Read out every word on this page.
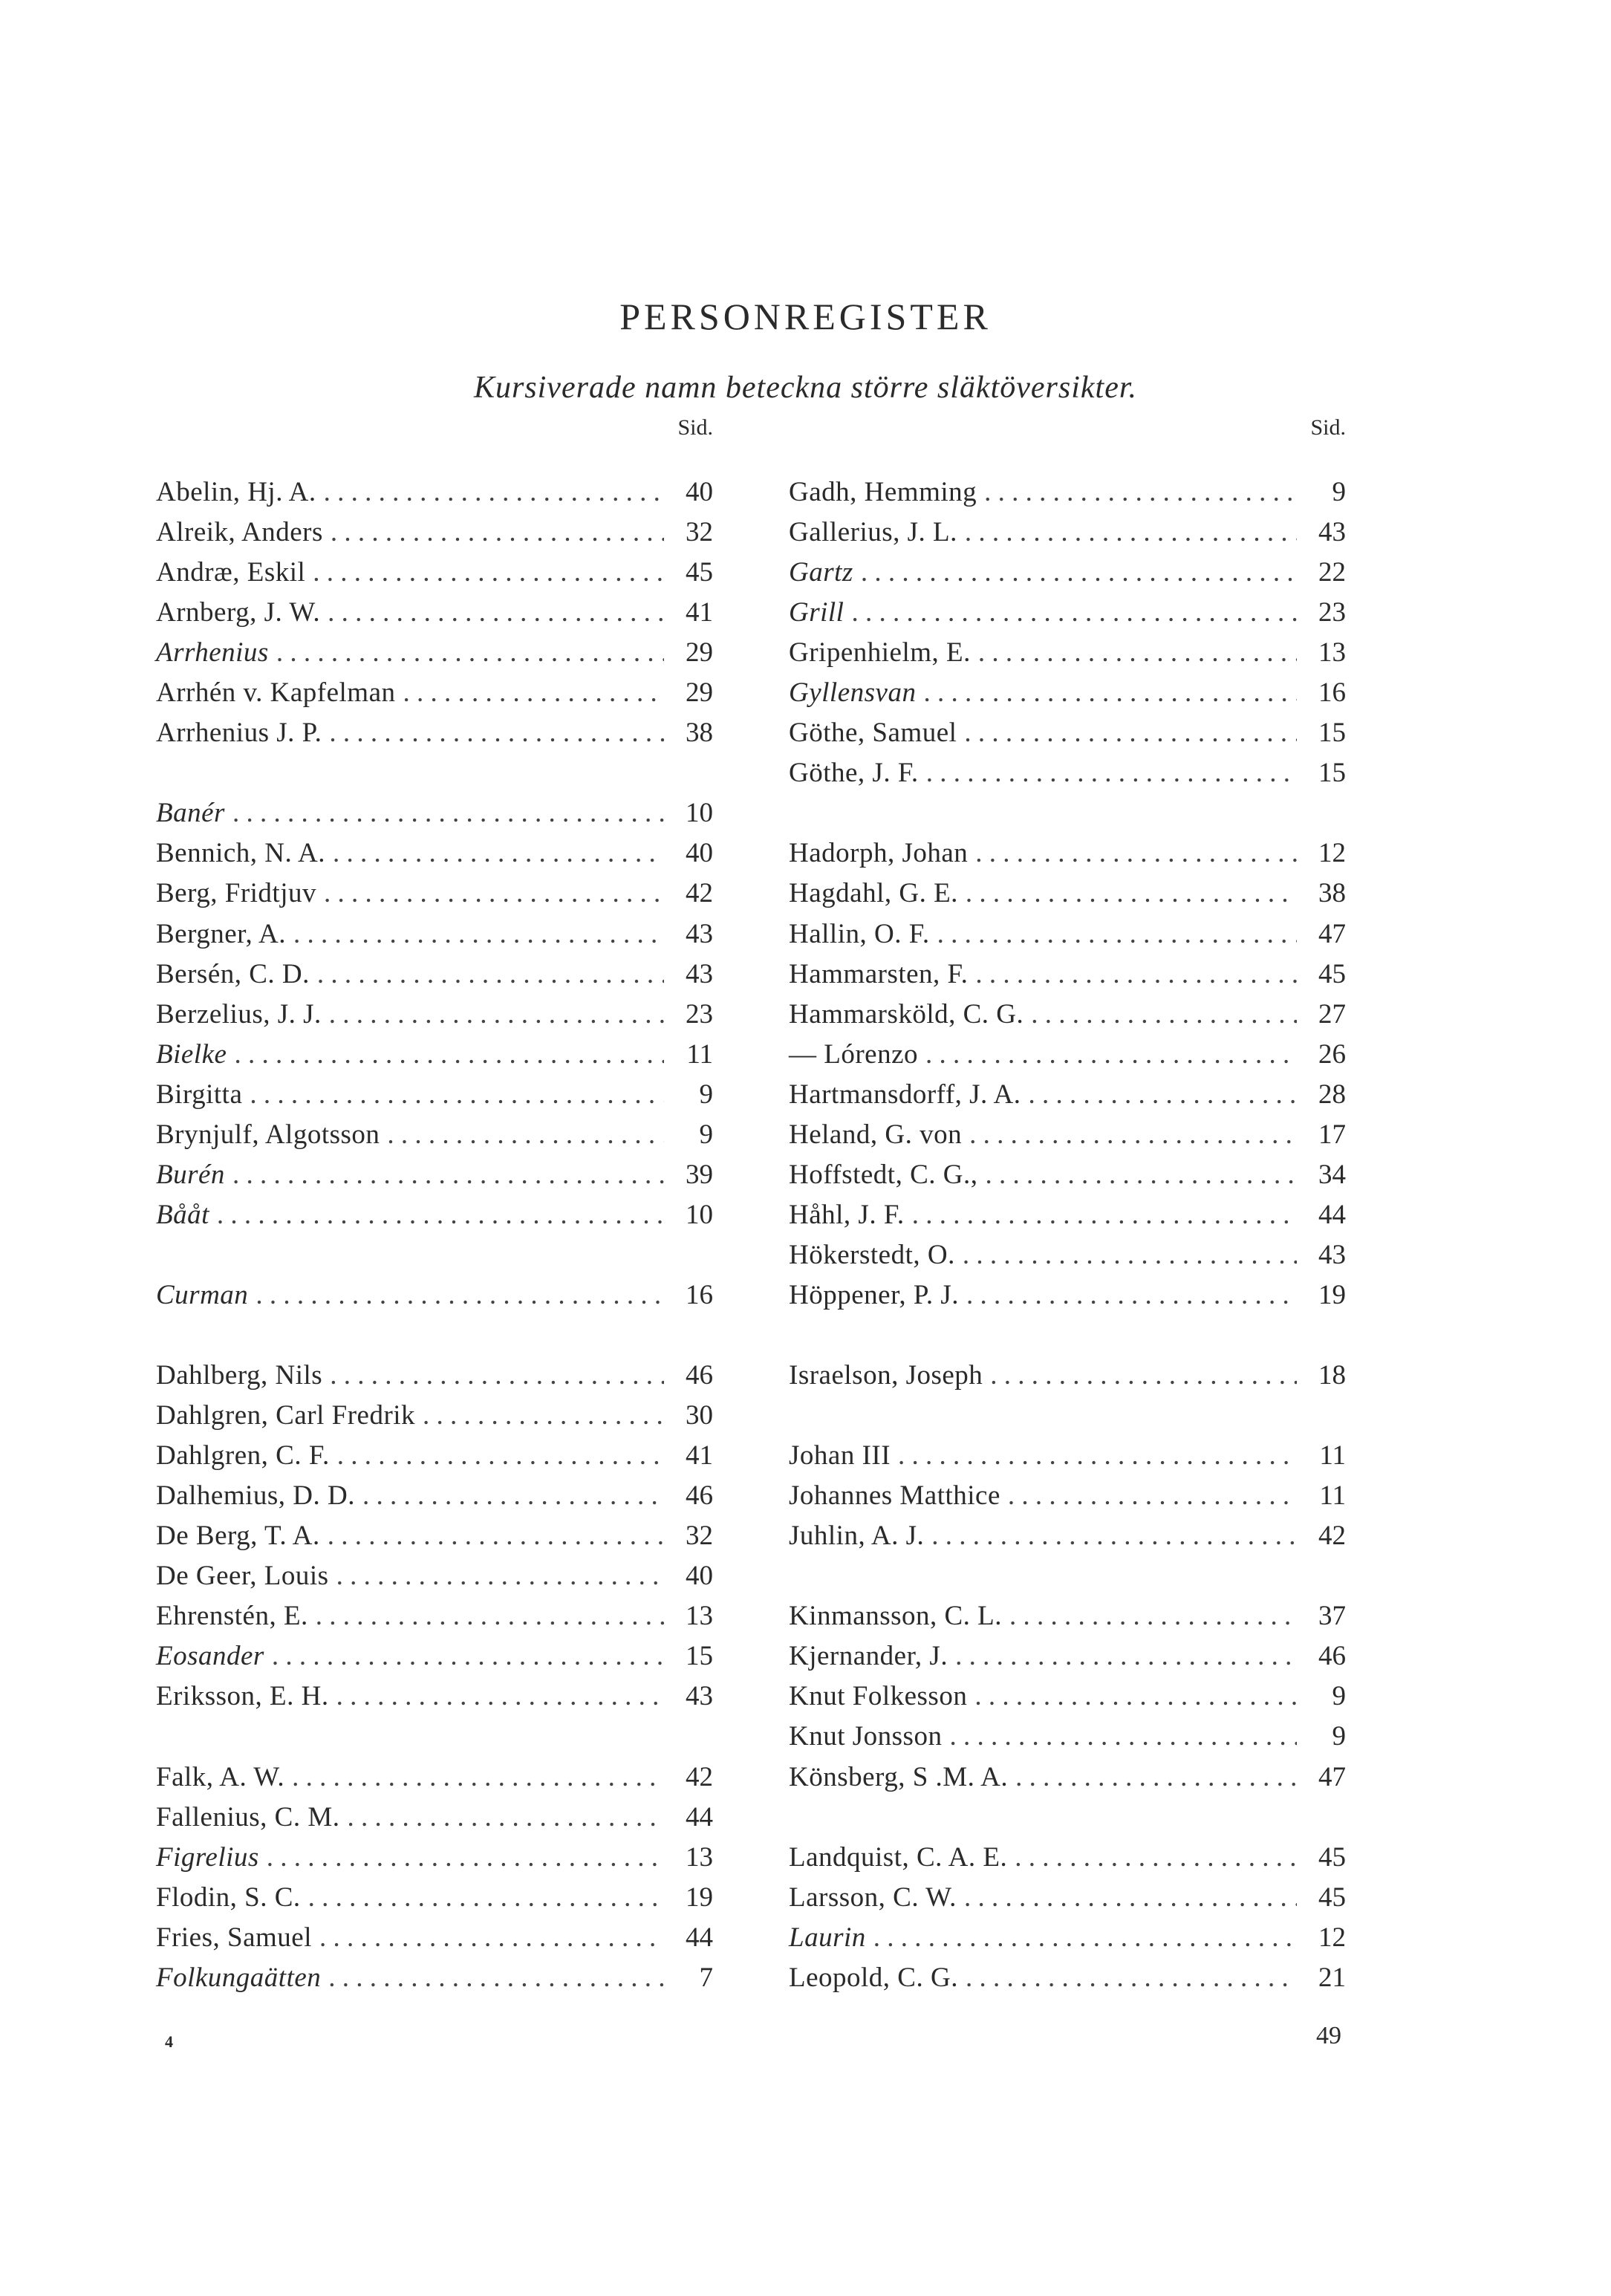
PERSONREGISTER
Kursiverade namn beteckna större släktöversikter.
Sid.
Abelin, Hj. A. . . .	40
Alreik, Anders . . .	32
Andræ, Eskil . . .	45
Arnberg, J. W. . . .	41
Arrhenius . . .	29
Arrhén v. Kapfelman . . .	29
Arrhenius J. P. . . .	38
Banér . . .	10
Bennich, N. A. . . .	40
Berg, Fridtjuv . . .	42
Bergner, A. . . .	43
Bersén, C. D. . . .	43
Berzelius, J. J. . . .	23
Bielke . . .	11
Birgitta . . .	9
Brynjulf, Algotsson . . .	9
Burén . . .	39
Bååt . . .	10
Curman . . .	16
Dahlberg, Nils . . .	46
Dahlgren, Carl Fredrik . . .	30
Dahlgren, C. F. . . .	41
Dalhemius, D. D. . . .	46
De Berg, T. A. . . .	32
De Geer, Louis . . .	40
Ehrenstén, E. . . .	13
Eosander . . .	15
Eriksson, E. H. . . .	43
Falk, A. W. . . .	42
Fallenius, C. M. . . .	44
Figrelius . . .	13
Flodin, S. C. . . .	19
Fries, Samuel . . .	44
Folkungaätten . . .	7
Sid.
Gadh, Hemming . . .	9
Gallerius, J. L. . . .	43
Gartz . . .	22
Grill . . .	23
Gripenhielm, E. . . .	13
Gyllensvan . . .	16
Göthe, Samuel . . .	15
Göthe, J. F. . . .	15
Hadorph, Johan . . .	12
Hagdahl, G. E. . . .	38
Hallin, O. F. . . .	47
Hammarsten, F. . . .	45
Hammarsköld, C. G. . . .	27
— Lórenzo . . .	26
Hartmansdorff, J. A. . . .	28
Heland, G. von . . .	17
Hoffstedt, C. G., . . .	34
Håhl, J. F. . . .	44
Hökerstedt, O. . . .	43
Höppener, P. J. . . .	19
Israelson, Joseph . . .	18
Johan III . . .	11
Johannes Matthice . . .	11
Juhlin, A. J. . . .	42
Kinmansson, C. L. . . .	37
Kjernander, J. . . .	46
Knut Folkesson . . .	9
Knut Jonsson . . .	9
Könsberg, S .M. A. . . .	47
Landquist, C. A. E. . . .	45
Larsson, C. W. . . .	45
Laurin . . .	12
Leopold, C. G. . . .	21
4	49
